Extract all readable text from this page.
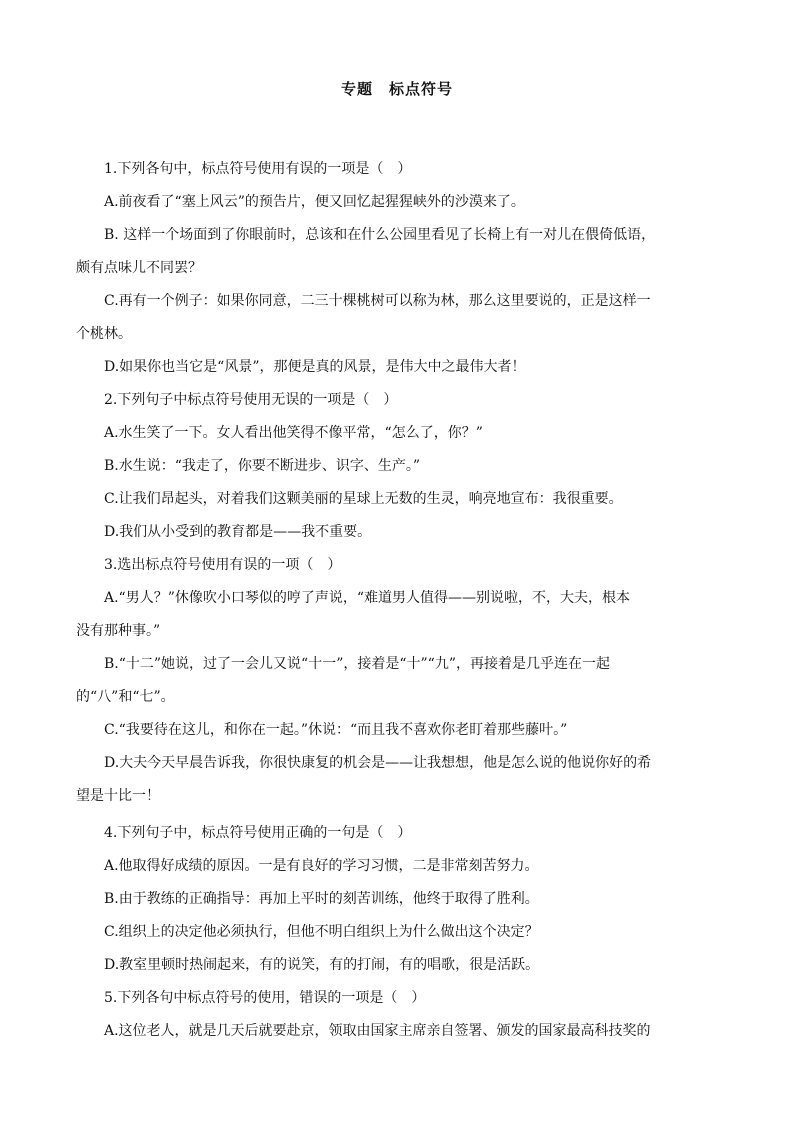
专题　标点符号
1.下列各句中，标点符号使用有误的一项是（　）
A.前夜看了“塞上风云”的预告片，便又回忆起猩猩峡外的沙漠来了。
B. 这样一个场面到了你眼前时，总该和在什么公园里看见了长椅上有一对儿在偎倚低语，
颇有点味儿不同罢？
C.再有一个例子：如果你同意，二三十棵桃树可以称为林，那么这里要说的，正是这样一
个桃林。
D.如果你也当它是“风景”，那便是真的风景，是伟大中之最伟大者！
2.下列句子中标点符号使用无误的一项是（　）
A.水生笑了一下。女人看出他笑得不像平常，“怎么了，你？”
B.水生说：“我走了，你要不断进步、识字、生产。”
C.让我们昂起头，对着我们这颗美丽的星球上无数的生灵，响亮地宣布：我很重要。
D.我们从小受到的教育都是——我不重要。
3.选出标点符号使用有误的一项（　）
A.“男人？”休像吹小口琴似的哼了声说，“难道男人值得——别说啦，不，大夫，根本
没有那种事。”
B.“十二”她说，过了一会儿又说“十一”，接着是“十”“九”，再接着是几乎连在一起
的“八”和“七”。
C.“我要待在这儿，和你在一起。”休说：“而且我不喜欢你老盯着那些藤叶。”
D.大夫今天早晨告诉我，你很快康复的机会是——让我想想，他是怎么说的他说你好的希
望是十比一！
4.下列句子中，标点符号使用正确的一句是（　）
A.他取得好成绩的原因。一是有良好的学习习惯，二是非常刻苦努力。
B.由于教练的正确指导：再加上平时的刻苦训练，他终于取得了胜利。
C.组织上的决定他必须执行，但他不明白组织上为什么做出这个决定？
D.教室里顿时热闹起来，有的说笑，有的打闹，有的唱歌，很是活跃。
5.下列各句中标点符号的使用，错误的一项是（　）
A.这位老人，就是几天后就要赴京，领取由国家主席亲自签署、颁发的国家最高科技奖的
